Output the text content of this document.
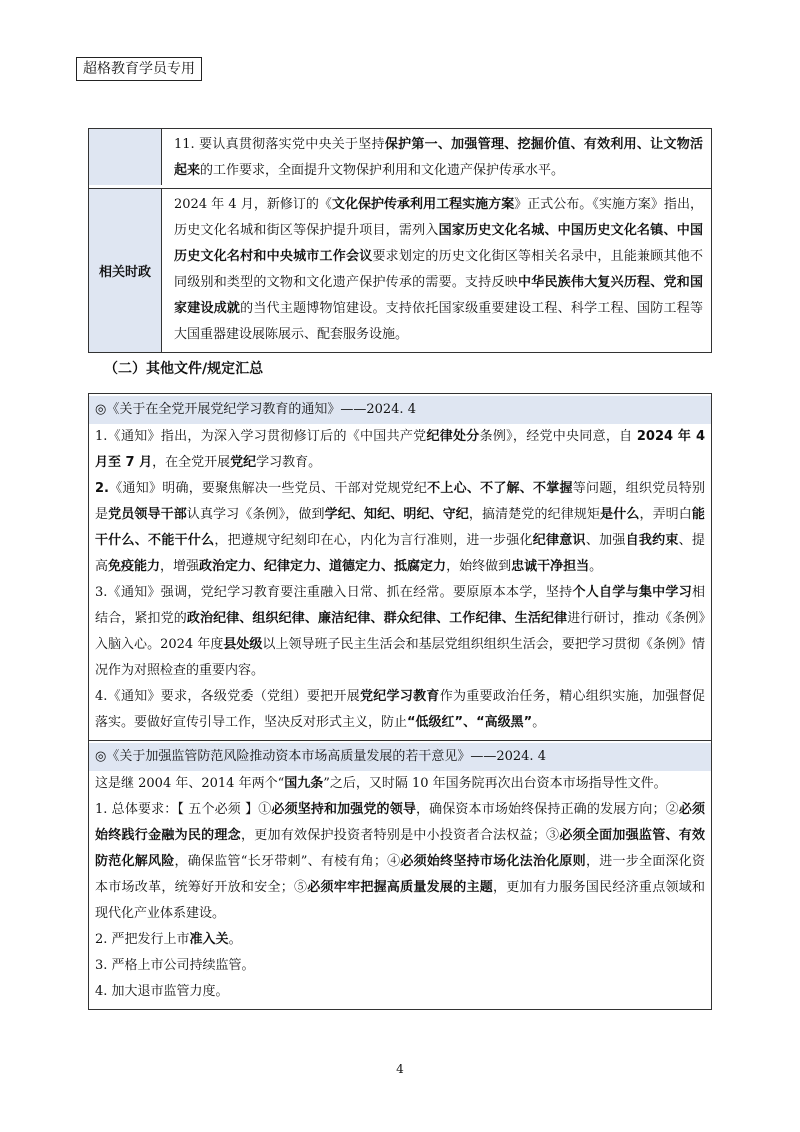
超格教育学员专用
11. 要认真贯彻落实党中央关于坚持保护第一、加强管理、挖掘价值、有效利用、让文物活起来的工作要求，全面提升文物保护利用和文化遗产保护传承水平。
相关时政
2024 年 4 月，新修订的《文化保护传承利用工程实施方案》正式公布。《实施方案》指出，历史文化名城和街区等保护提升项目，需列入国家历史文化名城、中国历史文化名镇、中国历史文化名村和中央城市工作会议要求划定的历史文化街区等相关名录中，且能兼顾其他不同级别和类型的文物和文化遗产保护传承的需要。支持反映中华民族伟大复兴历程、党和国家建设成就的当代主题博物馆建设。支持依托国家级重要建设工程、科学工程、国防工程等大国重器建设展陈展示、配套服务设施。
（二）其他文件/规定汇总

◎《关于在全党开展党纪学习教育的通知》——2024. 4

1.《通知》指出，为深入学习贯彻修订后的《中国共产党纪律处分条例》，经党中央同意，自 2024 年 4 月至 7 月，在全党开展党纪学习教育。

2.《通知》明确，要聚焦解决一些党员、干部对党规党纪不上心、不了解、不掌握等问题，组织党员特别是党员领导干部认真学习《条例》，做到学纪、知纪、明纪、守纪，搞清楚党的纪律规矩是什么，弄明白能干什么、不能干什么，把遵规守纪刻印在心，内化为言行准则，进一步强化纪律意识、加强自我约束、提高免疫能力，增强政治定力、纪律定力、道德定力、抵腐定力，始终做到忠诚干净担当。

3.《通知》强调，党纪学习教育要注重融入日常、抓在经常。要原原本本学，坚持个人自学与集中学习相结合，紧扣党的政治纪律、组织纪律、廉洁纪律、群众纪律、工作纪律、生活纪律进行研讨，推动《条例》入脑入心。2024 年度县处级以上领导班子民主生活会和基层党组织组织生活会，要把学习贯彻《条例》情况作为对照检查的重要内容。

4.《通知》要求，各级党委（党组）要把开展党纪学习教育作为重要政治任务，精心组织实施，加强督促落实。要做好宣传引导工作，坚决反对形式主义，防止“低级红”、“高级黑”。

◎《关于加强监管防范风险推动资本市场高质量发展的若干意见》——2024. 4

这是继 2004 年、2014 年两个“国九条”之后，又时隔 10 年国务院再次出台资本市场指导性文件。

1. 总体要求：【 五个必须 】①必须坚持和加强党的领导，确保资本市场始终保持正确的发展方向；②必须始终践行金融为民的理念，更加有效保护投资者特别是中小投资者合法权益；③必须全面加强监管、有效防范化解风险，确保监管“长牙带刺”、有棱有角；④必须始终坚持市场化法治化原则，进一步全面深化资本市场改革，统筹好开放和安全；⑤必须牢牢把握高质量发展的主题，更加有力服务国民经济重点领域和现代化产业体系建设。

2. 严把发行上市准入关。

3. 严格上市公司持续监管。

4. 加大退市监管力度。

4
